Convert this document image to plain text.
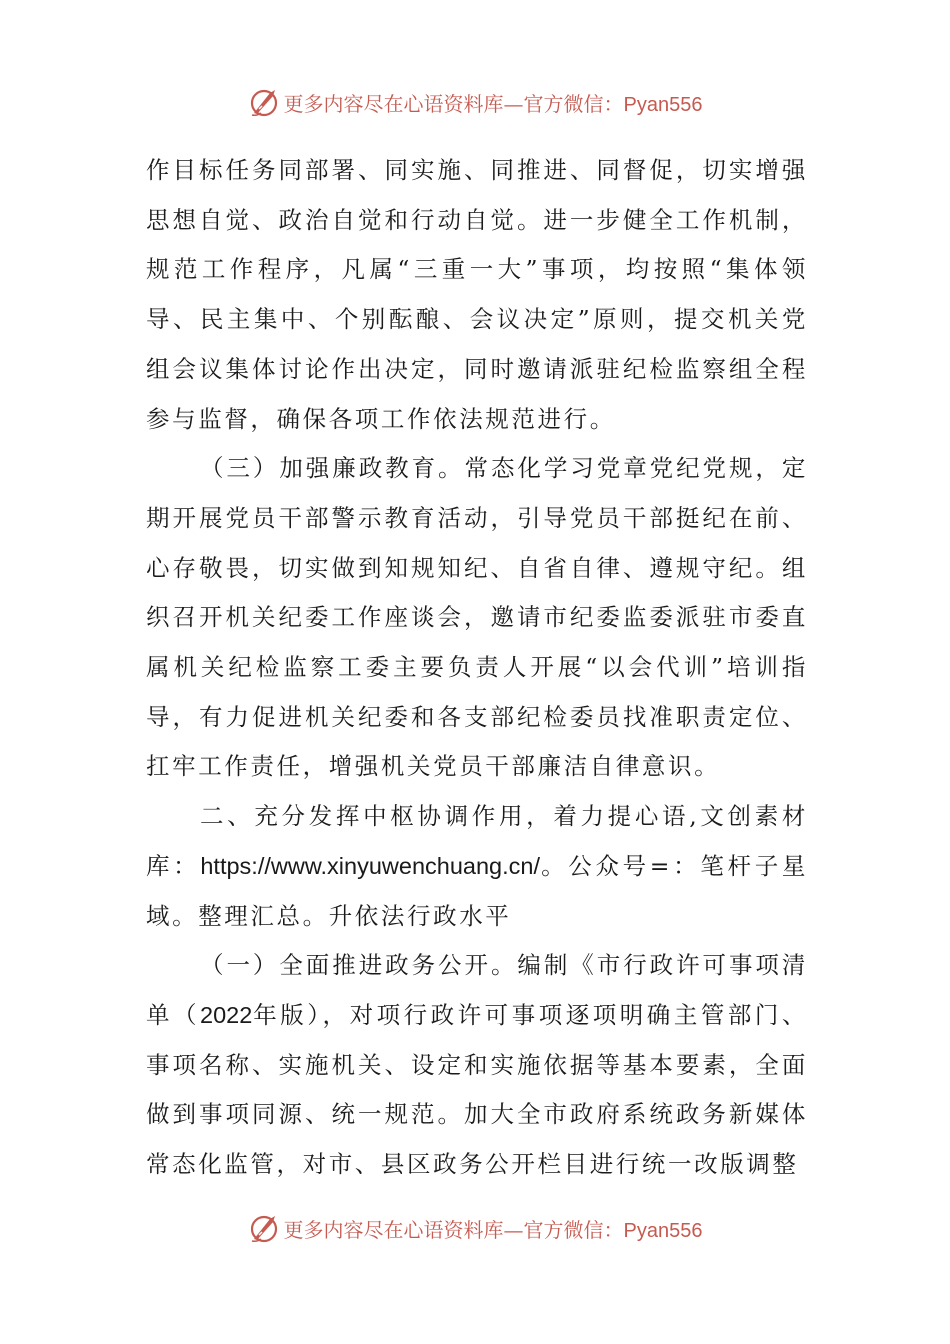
更多内容尽在心语资料库—官方微信：Pyan556

作目标任务同部署、同实施、同推进、同督促，切实增强思想自觉、政治自觉和行动自觉。进一步健全工作机制，规范工作程序，凡属“三重一大”事项，均按照“集体领导、民主集中、个别酝酿、会议决定”原则，提交机关党组会议集体讨论作出决定，同时邀请派驻纪检监察组全程参与监督，确保各项工作依法规范进行。

（三）加强廉政教育。常态化学习党章党纪党规，定期开展党员干部警示教育活动，引导党员干部挺纪在前、心存敬畏，切实做到知规知纪、自省自律、遵规守纪。组织召开机关纪委工作座谈会，邀请市纪委监委派驻市委直属机关纪检监察工委主要负责人开展“以会代训”培训指导，有力促进机关纪委和各支部纪检委员找准职责定位、扛牢工作责任，增强机关党员干部廉洁自律意识。

二、充分发挥中枢协调作用，着力提心语,文创素材库：https://www.xinyuwenchuang.cn/。公众号=：笔杆子星域。整理汇总。升依法行政水平

（一）全面推进政务公开。编制《市行政许可事项清单（2022年版），对项行政许可事项逐项明确主管部门、事项名称、实施机关、设定和实施依据等基本要素，全面做到事项同源、统一规范。加大全市政府系统政务新媒体常态化监管，对市、县区政务公开栏目进行统一改版调整

更多内容尽在心语资料库—官方微信：Pyan556
